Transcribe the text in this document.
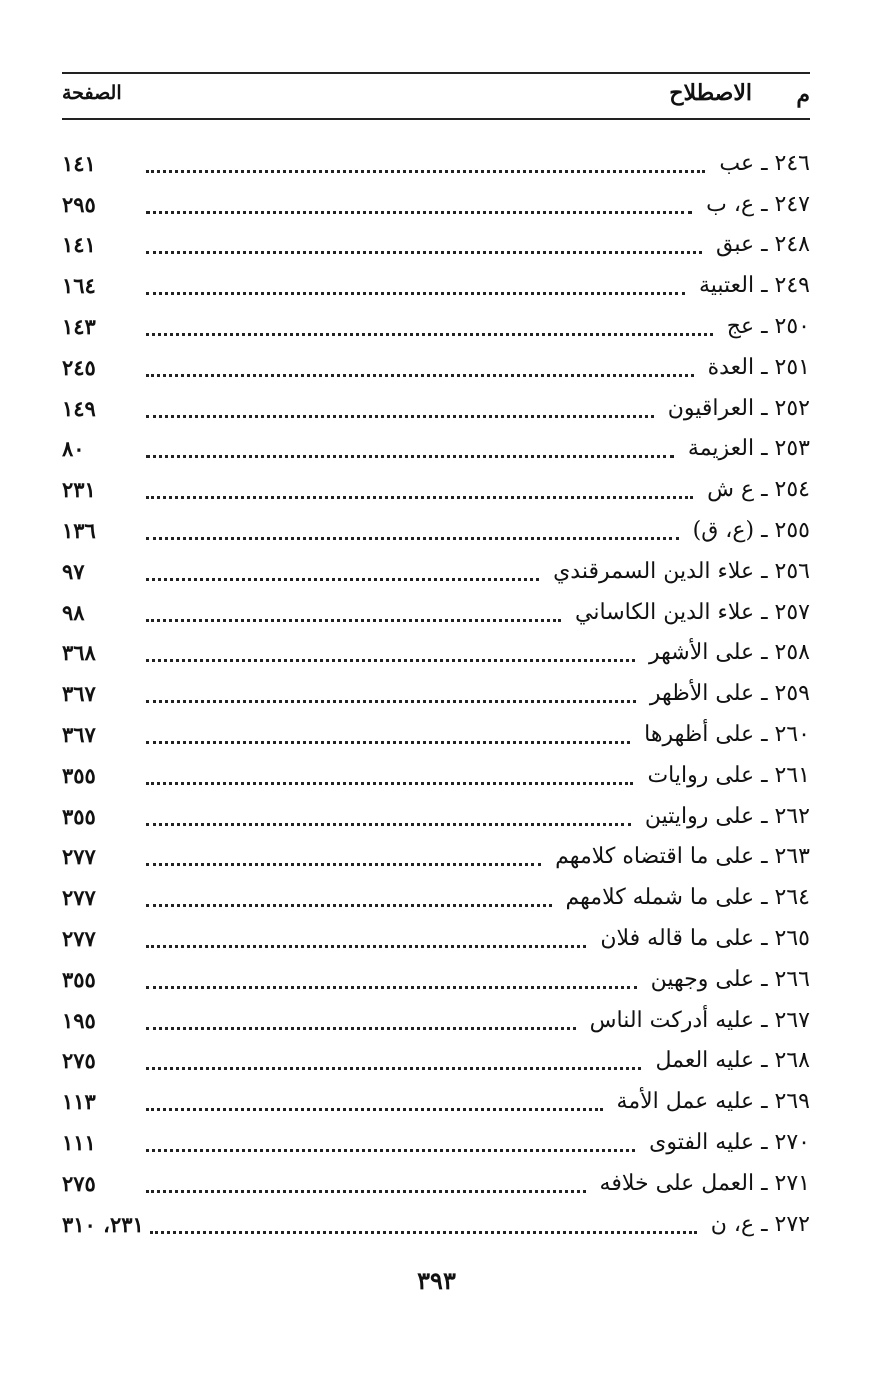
م
الاصطلاح
الصفحة
٢٤٦ ـ عب
١٤١
٢٤٧ ـ ع، ب
٢٩٥
٢٤٨ ـ عبق
١٤١
٢٤٩ ـ العتبية
١٦٤
٢٥٠ ـ عج
١٤٣
٢٥١ ـ العدة
٢٤٥
٢٥٢ ـ العراقيون
١٤٩
٢٥٣ ـ العزيمة
٨٠
٢٥٤ ـ ع ش
٢٣١
٢٥٥ ـ (ع، ق)
١٣٦
٢٥٦ ـ علاء الدين السمرقندي
٩٧
٢٥٧ ـ علاء الدين الكاساني
٩٨
٢٥٨ ـ على الأشهر
٣٦٨
٢٥٩ ـ على الأظهر
٣٦٧
٢٦٠ ـ على أظهرها
٣٦٧
٢٦١ ـ على روايات
٣٥٥
٢٦٢ ـ على روايتين
٣٥٥
٢٦٣ ـ على ما اقتضاه كلامهم
٢٧٧
٢٦٤ ـ على ما شمله كلامهم
٢٧٧
٢٦٥ ـ على ما قاله فلان
٢٧٧
٢٦٦ ـ على وجهين
٣٥٥
٢٦٧ ـ عليه أدركت الناس
١٩٥
٢٦٨ ـ عليه العمل
٢٧٥
٢٦٩ ـ عليه عمل الأمة
١١٣
٢٧٠ ـ عليه الفتوى
١١١
٢٧١ ـ العمل على خلافه
٢٧٥
٢٧٢ ـ ع، ن
٢٣١، ٣١٠
٣٩٣
